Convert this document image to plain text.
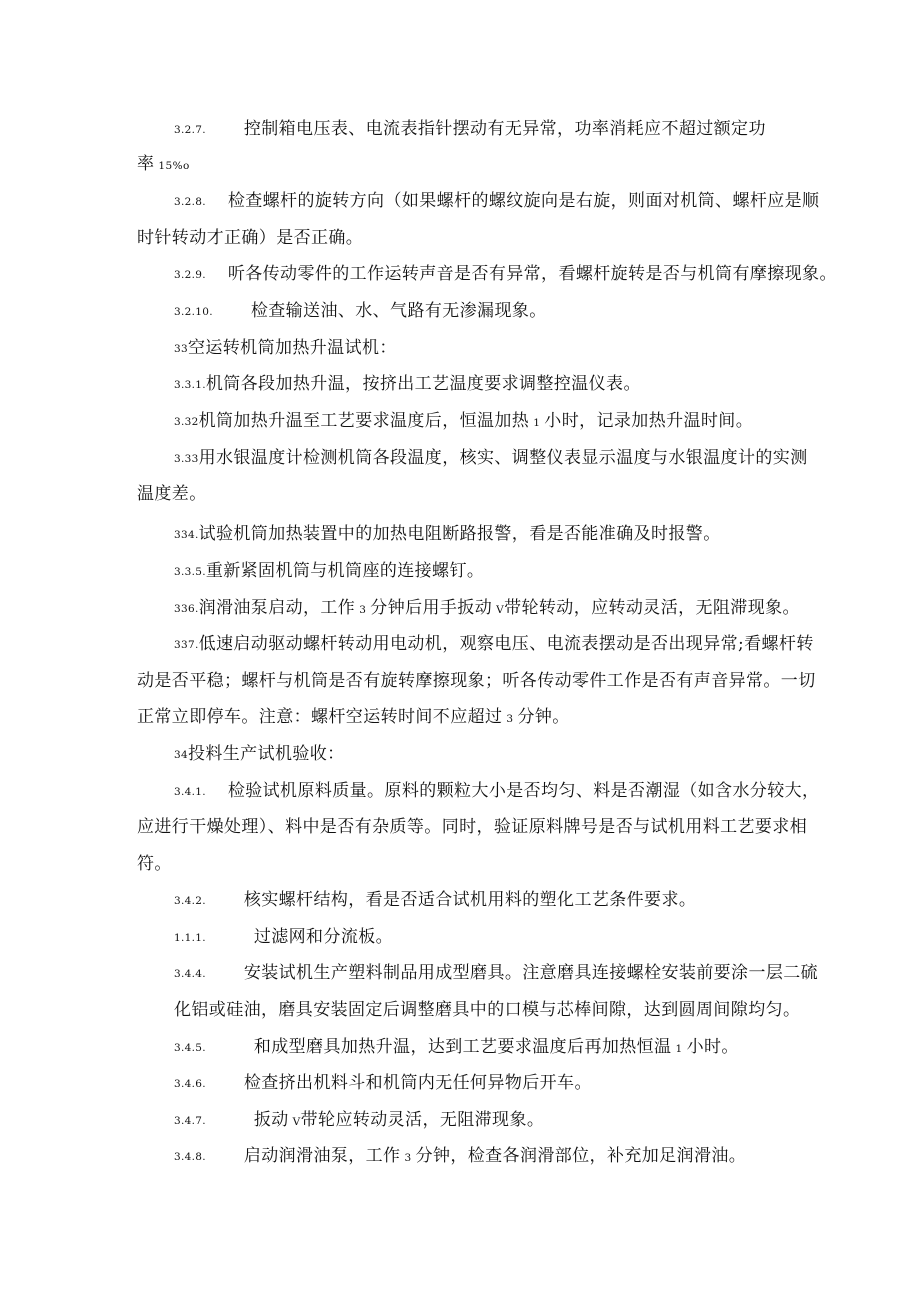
3.2.7. 控制箱电压表、电流表指针摆动有无异常，功率消耗应不超过额定功
率 15%o
3.2.8. 检查螺杆的旋转方向（如果螺杆的螺纹旋向是右旋，则面对机筒、螺杆应是顺
时针转动才正确）是否正确。
3.2.9. 听各传动零件的工作运转声音是否有异常，看螺杆旋转是否与机筒有摩擦现象。
3.2.10. 检查输送油、水、气路有无渗漏现象。
33空运转机筒加热升温试机：
3.3.1.机筒各段加热升温，按挤出工艺温度要求调整控温仪表。
3.32机筒加热升温至工艺要求温度后，恒温加热 1 小时，记录加热升温时间。
3.33用水银温度计检测机筒各段温度，核实、调整仪表显示温度与水银温度计的实测
温度差。
334.试验机筒加热装置中的加热电阻断路报警，看是否能准确及时报警。
3.3.5.重新紧固机筒与机筒座的连接螺钉。
336.润滑油泵启动，工作 3 分钟后用手扳动 V带轮转动，应转动灵活，无阻滞现象。
337.低速启动驱动螺杆转动用电动机，观察电压、电流表摆动是否出现异常;看螺杆转
动是否平稳；螺杆与机筒是否有旋转摩擦现象；听各传动零件工作是否有声音异常。一切
正常立即停车。注意：螺杆空运转时间不应超过 3 分钟。
34投料生产试机验收：
3.4.1. 检验试机原料质量。原料的颗粒大小是否均匀、料是否潮湿（如含水分较大，
应进行干燥处理）、料中是否有杂质等。同时，验证原料牌号是否与试机用料工艺要求相
符。
3.4.2. 核实螺杆结构，看是否适合试机用料的塑化工艺条件要求。
1.1.1.	过滤网和分流板。
3.4.4. 安装试机生产塑料制品用成型磨具。注意磨具连接螺栓安装前要涂一层二硫
化铝或硅油，磨具安装固定后调整磨具中的口模与芯棒间隙，达到圆周间隙均匀。
3.4.5.	和成型磨具加热升温，达到工艺要求温度后再加热恒温 1 小时。
3.4.6. 检查挤出机料斗和机筒内无任何异物后开车。
3.4.7.	扳动 V带轮应转动灵活，无阻滞现象。
3.4.8. 启动润滑油泵，工作 3 分钟，检查各润滑部位，补充加足润滑油。
